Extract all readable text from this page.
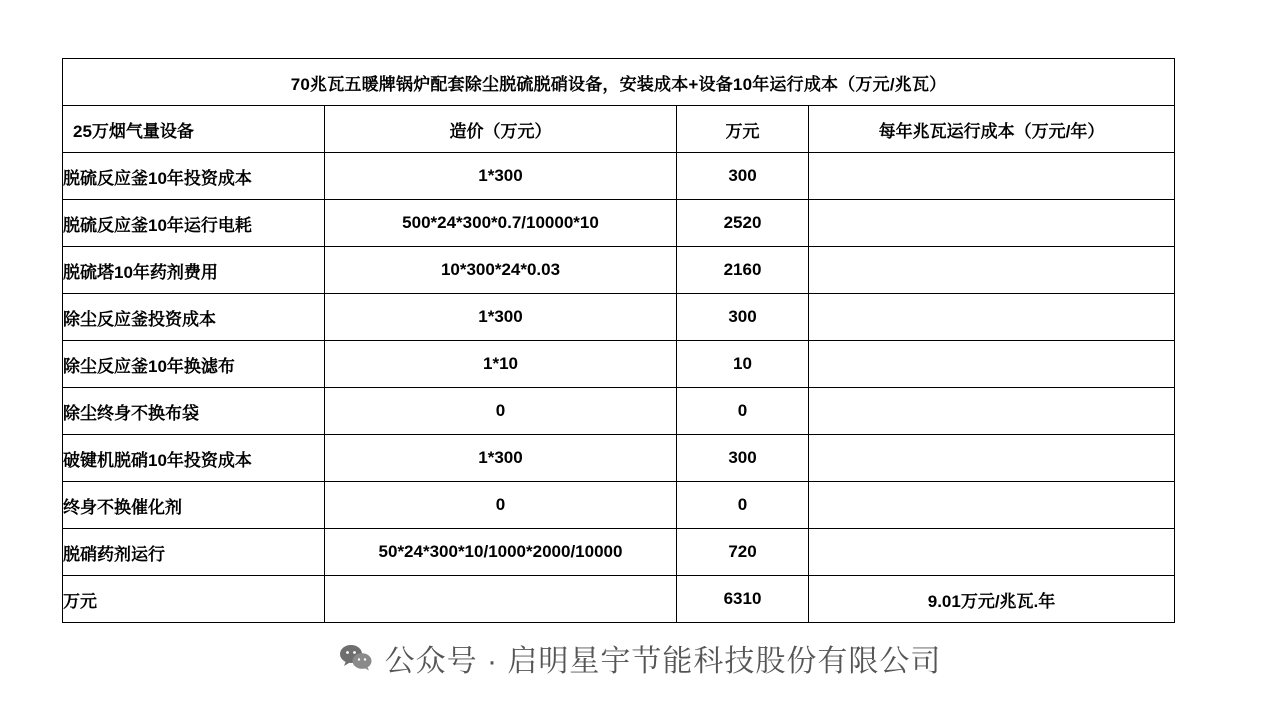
70兆瓦五暖牌锅炉配套除尘脱硫脱硝设备，安装成本+设备10年运行成本（万元/兆瓦）			
25万烟气量设备	造价（万元）	万元	每年兆瓦运行成本（万元/年）
脱硫反应釜10年投资成本	1*300	300	
脱硫反应釜10年运行电耗	500*24*300*0.7/10000*10	2520	
脱硫塔10年药剂费用	10*300*24*0.03	2160	
除尘反应釜投资成本	1*300	300	
除尘反应釜10年换滤布	1*10	10	
除尘终身不换布袋	0	0	
破键机脱硝10年投资成本	1*300	300	
终身不换催化剂	0	0	
脱硝药剂运行	50*24*300*10/1000*2000/10000	720	
万元		6310	9.01万元/兆瓦.年
公众号 · 启明星宇节能科技股份有限公司
